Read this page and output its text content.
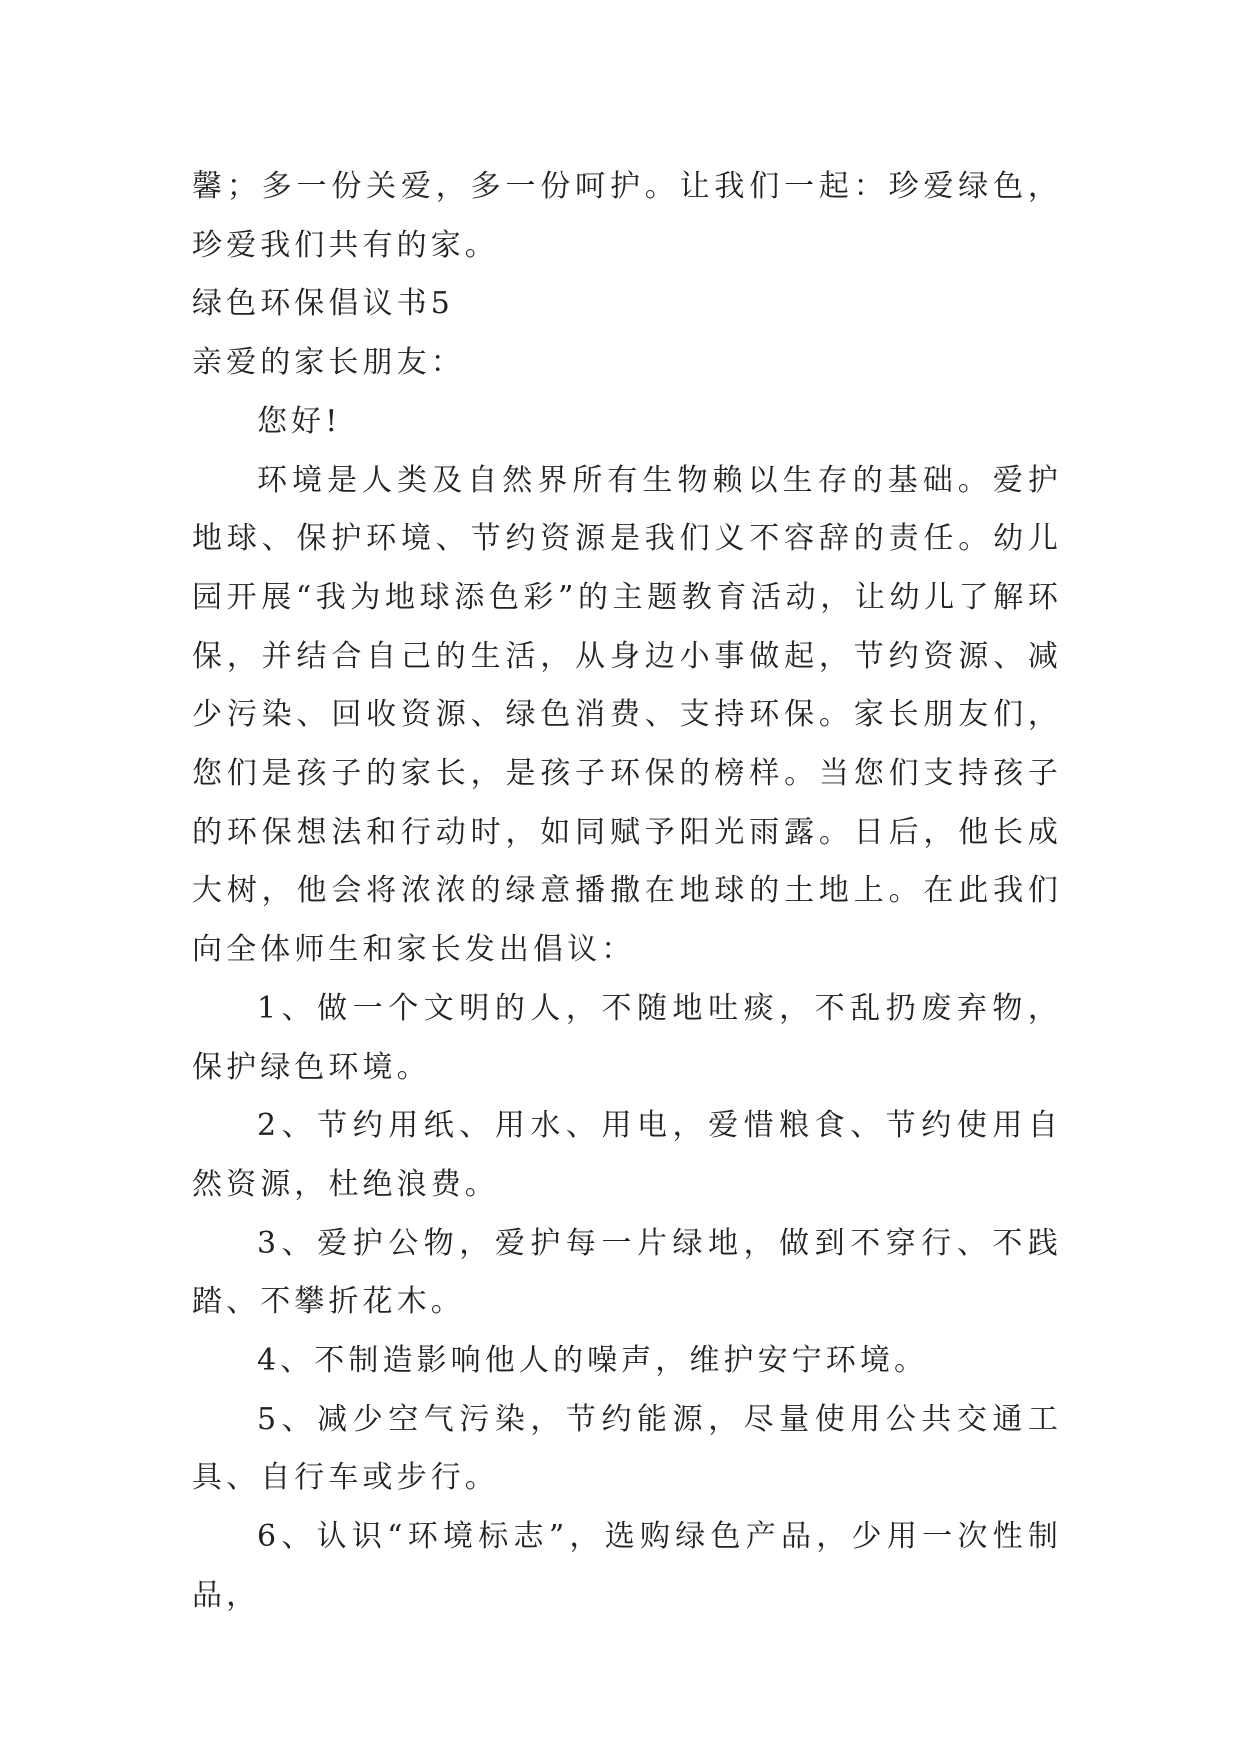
馨；多一份关爱，多一份呵护。让我们一起：珍爱绿色，珍爱我们共有的家。

绿色环保倡议书5

亲爱的家长朋友：

您好!

环境是人类及自然界所有生物赖以生存的基础。爱护地球、保护环境、节约资源是我们义不容辞的责任。幼儿园开展“我为地球添色彩”的主题教育活动，让幼儿了解环保，并结合自己的生活，从身边小事做起，节约资源、减少污染、回收资源、绿色消费、支持环保。家长朋友们，您们是孩子的家长，是孩子环保的榜样。当您们支持孩子的环保想法和行动时，如同赋予阳光雨露。日后，他长成大树，他会将浓浓的绿意播撒在地球的土地上。在此我们向全体师生和家长发出倡议：

1、做一个文明的人，不随地吐痰，不乱扔废弃物，保护绿色环境。

2、节约用纸、用水、用电，爱惜粮食、节约使用自然资源，杜绝浪费。

3、爱护公物，爱护每一片绿地，做到不穿行、不践踏、不攀折花木。

4、不制造影响他人的噪声，维护安宁环境。

5、减少空气污染，节约能源，尽量使用公共交通工具、自行车或步行。

6、认识“环境标志”，选购绿色产品，少用一次性制品，
